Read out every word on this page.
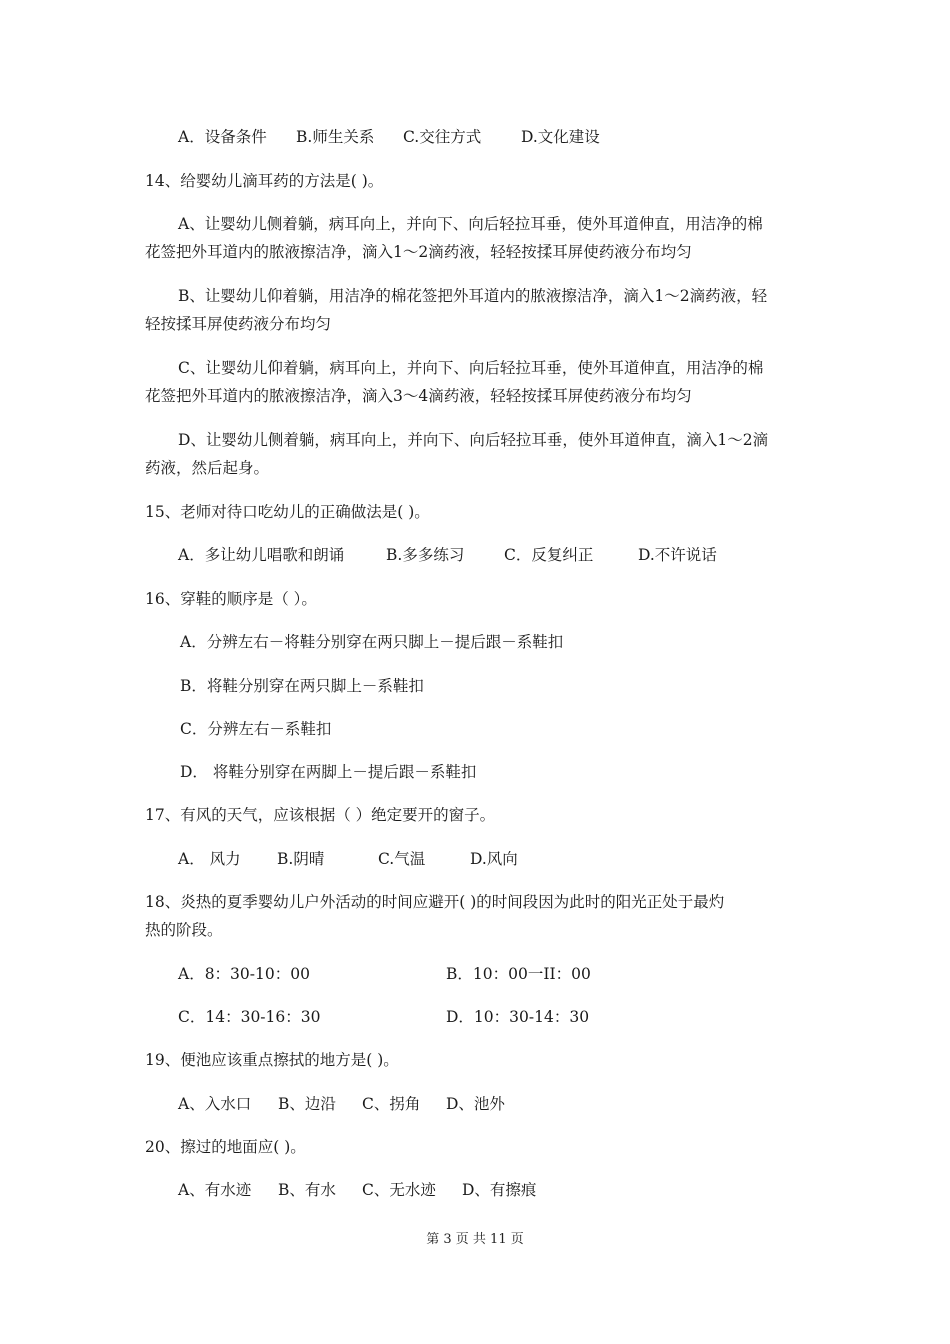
A．设备条件 B.师生关系 C.交往方式	D.文化建设

14、给婴幼儿滴耳药的方法是( )。

A、让婴幼儿侧着躺，病耳向上，并向下、向后轻拉耳垂，使外耳道伸直，用洁净的棉

花签把外耳道内的脓液擦洁净，滴入1～2滴药液，轻轻按揉耳屏使药液分布均匀

B、让婴幼儿仰着躺，用洁净的棉花签把外耳道内的脓液擦洁净，滴入1～2滴药液，轻

轻按揉耳屏使药液分布均匀

C、让婴幼儿仰着躺，病耳向上，并向下、向后轻拉耳垂，使外耳道伸直，用洁净的棉

花签把外耳道内的脓液擦洁净，滴入3～4滴药液，轻轻按揉耳屏使药液分布均匀

D、让婴幼儿侧着躺，病耳向上，并向下、向后轻拉耳垂，使外耳道伸直，滴入1～2滴

药液，然后起身。

15、老师对待口吃幼儿的正确做法是( )。

A．多让幼儿唱歌和朗诵	B.多多练习	C．反复纠正	D.不许说话

16、穿鞋的顺序是（ ）。

A．分辨左右－将鞋分别穿在两只脚上－提后跟－系鞋扣

B．将鞋分别穿在两只脚上－系鞋扣

C．分辨左右－系鞋扣

D． 将鞋分别穿在两脚上－提后跟－系鞋扣

17、有风的天气，应该根据（ ）绝定要开的窗子。

A． 风力 B.阴晴	C.气温	D.风向

18、炎热的夏季婴幼儿户外活动的时间应避开( )的时间段因为此时的阳光正处于最灼

热的阶段。

A．8：30-10：00	B．10：00一II：00

C．14：30-16：30	D．10：30-14：30

19、便池应该重点擦拭的地方是( )。

A、入水口 B、边沿 C、拐角 D、池外

20、擦过的地面应( )。

A、有水迹 B、有水 C、无水迹 D、有擦痕

第 3 页 共 11 页
